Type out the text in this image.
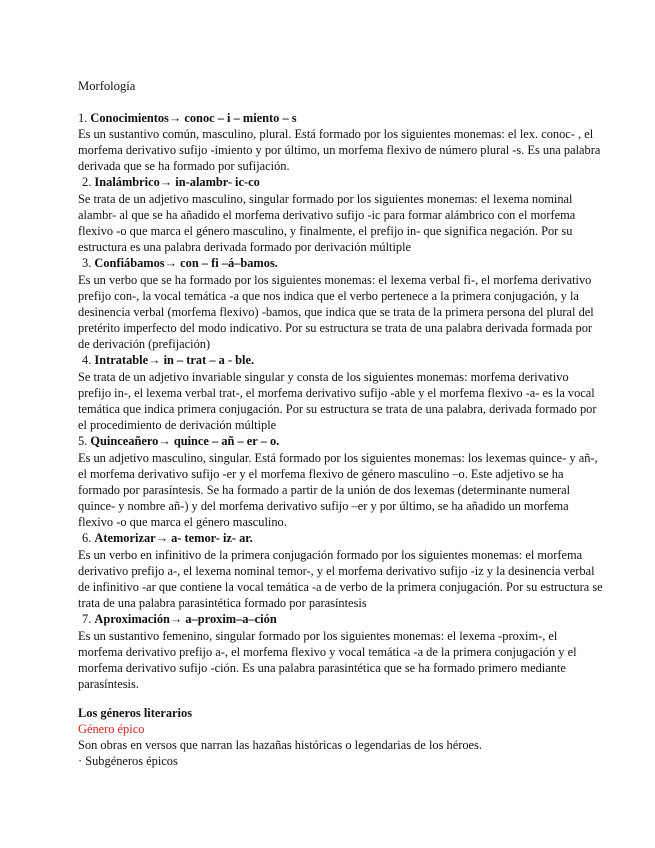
Morfología
1. Conocimientos→ conoc – i – miento – s
Es un sustantivo común, masculino, plural. Está formado por los siguientes monemas: el lex. conoc- , el
morfema derivativo sufijo -imiento y por último, un morfema flexivo de número plural -s. Es una palabra
derivada que se ha formado por sufijación.
2. Inalámbrico→ in-alambr- ic-co
Se trata de un adjetivo masculino, singular formado por los siguientes monemas: el lexema nominal
alambr- al que se ha añadido el morfema derivativo sufijo -ic para formar alámbrico con el morfema
flexivo -o que marca el género masculino, y finalmente, el prefijo in- que significa negación. Por su
estructura es una palabra derivada formado por derivación múltiple
3. Confiábamos→ con – fi –á–bamos.
Es un verbo que se ha formado por los siguientes monemas: el lexema verbal fi-, el morfema derivativo
prefijo con-, la vocal temática -a que nos indica que el verbo pertenece a la primera conjugación, y la
desinencia verbal (morfema flexivo) -bamos, que indica que se trata de la primera persona del plural del
pretérito imperfecto del modo indicativo. Por su estructura se trata de una palabra derivada formada por
de derivación (prefijación)
4. Intratable→ in – trat – a - ble.
Se trata de un adjetivo invariable singular y consta de los siguientes monemas: morfema derivativo
prefijo in-, el lexema verbal trat-, el morfema derivativo sufijo -able y el morfema flexivo -a- es la vocal
temática que indica primera conjugación. Por su estructura se trata de una palabra, derivada formado por
el procedimiento de derivación múltiple
5. Quinceañero→ quince – añ – er – o.
Es un adjetivo masculino, singular. Está formado por los siguientes monemas: los lexemas quince- y añ-,
el morfema derivativo sufijo -er y el morfema flexivo de género masculino –o. Este adjetivo se ha
formado por parasíntesis. Se ha formado a partir de la unión de dos lexemas (determinante numeral
quince- y nombre añ-) y del morfema derivativo sufijo –er y por último, se ha añadido un morfema
flexivo -o que marca el género masculino.
6. Atemorizar→ a- temor- iz- ar.
Es un verbo en infinitivo de la primera conjugación formado por los siguientes monemas: el morfema
derivativo prefijo a-, el lexema nominal temor-, y el morfema derivativo sufijo -iz y la desinencia verbal
de infinitivo -ar que contiene la vocal temática -a de verbo de la primera conjugación. Por su estructura se
trata de una palabra parasintética formado por parasíntesis
7. Aproximación→ a–proxim–a–ción
Es un sustantivo femenino, singular formado por los siguientes monemas: el lexema -proxim-, el
morfema derivativo prefijo a-, el morfema flexivo y vocal temática -a de la primera conjugación y el
morfema derivativo sufijo -ción. Es una palabra parasintética que se ha formado primero mediante
parasíntesis.
Los géneros literarios
Género épico
Son obras en versos que narran las hazañas históricas o legendarias de los héroes.
· Subgéneros épicos
